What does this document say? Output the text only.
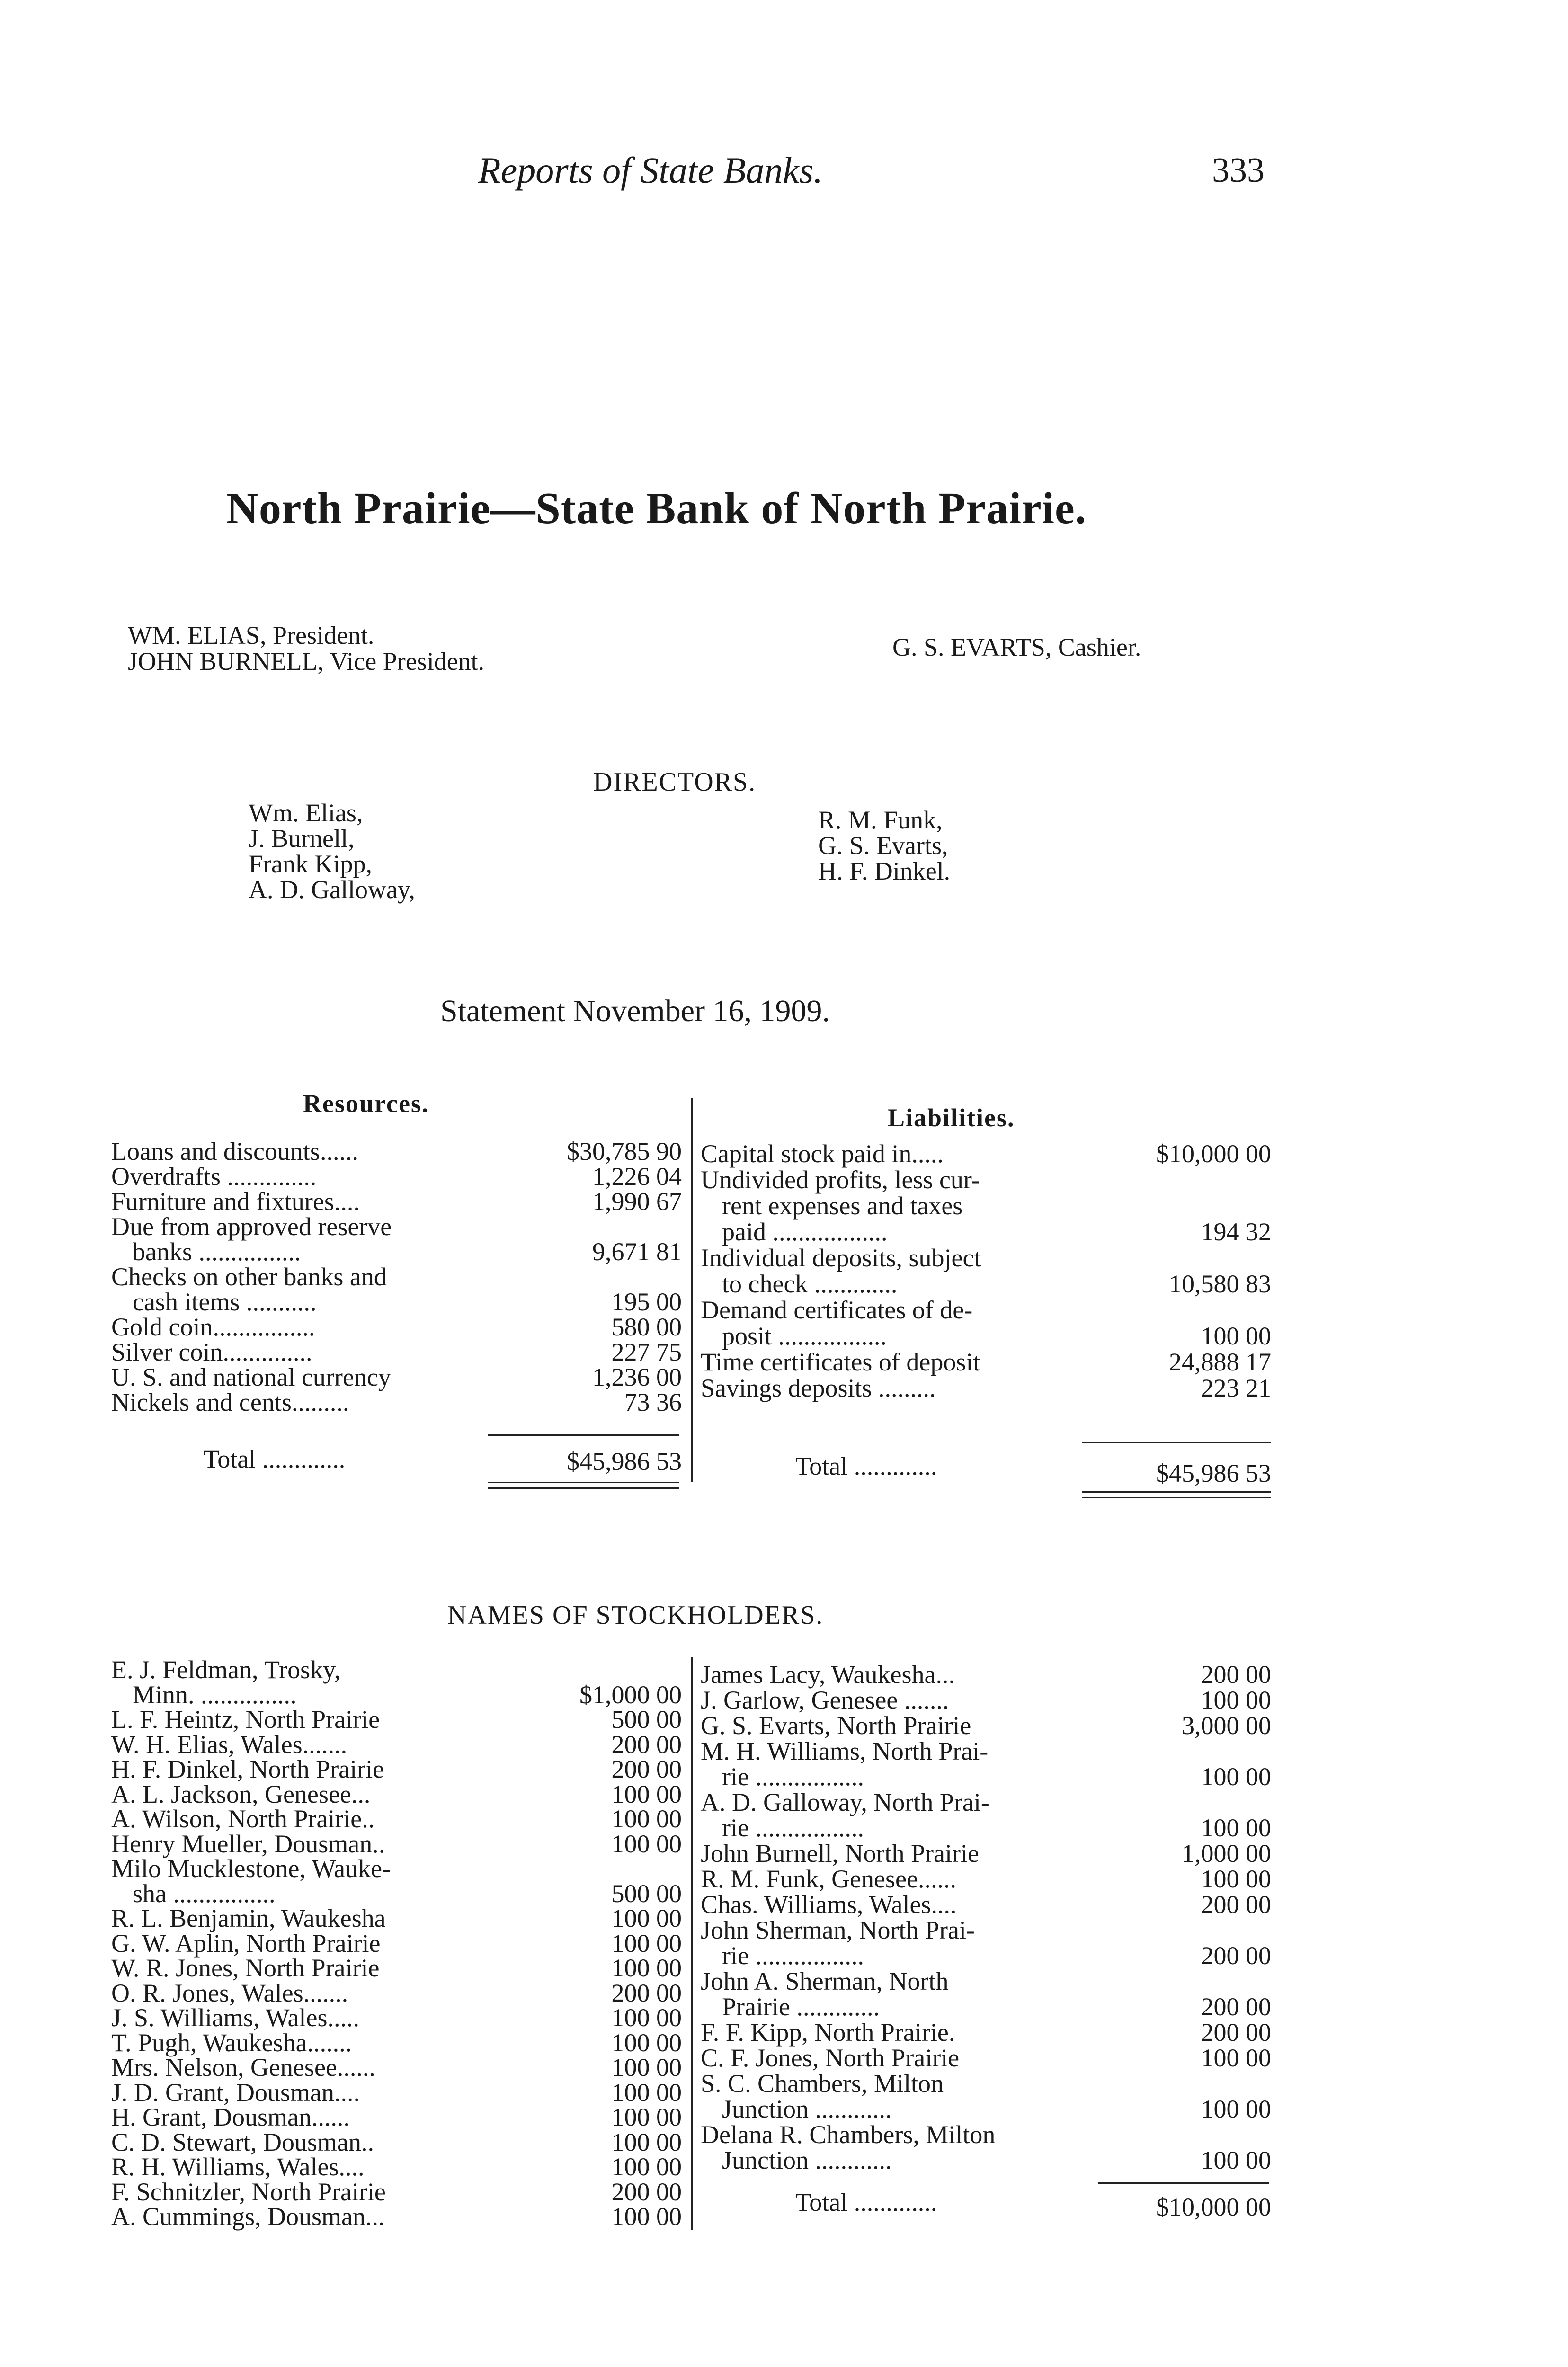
Reports of State Banks.	333
North Prairie—State Bank of North Prairie.
WM. ELIAS, President.
JOHN BURNELL, Vice President.	G. S. EVARTS, Cashier.
DIRECTORS.
Wm. Elias,
J. Burnell,
Frank Kipp,
A. D. Galloway,
R. M. Funk,
G. S. Evarts,
H. F. Dinkel.
Statement November 16, 1909.
Resources.	Liabilities.
Loans and discounts......	$30,785 90
Overdrafts ..............	1,226 04
Furniture and fixtures....	1,990 67
Due from approved reserve
banks ................	9,671 81
Checks on other banks and
cash items ...........	195 00
Gold coin................	580 00
Silver coin..............	227 75
U. S. and national currency	1,236 00
Nickels and cents.........	73 36
Capital stock paid in.....	$10,000 00
Undivided profits, less cur-
rent expenses and taxes
paid ..................	194 32
Individual deposits, subject
to check .............	10,580 83
Demand certificates of de-
posit .................	100 00
Time certificates of deposit	24,888 17
Savings deposits .........	223 21
Total .............	$45,986 53	Total .............	$45,986 53
NAMES OF STOCKHOLDERS.
E. J. Feldman, Trosky,
Minn. ...............	$1,000 00
L. F. Heintz, North Prairie	500 00
W. H. Elias, Wales.......	200 00
H. F. Dinkel, North Prairie	200 00
A. L. Jackson, Genesee...	100 00
A. Wilson, North Prairie..	100 00
Henry Mueller, Dousman..	100 00
Milo Mucklestone, Wauke-
sha ................	500 00
R. L. Benjamin, Waukesha	100 00
G. W. Aplin, North Prairie	100 00
W. R. Jones, North Prairie	100 00
O. R. Jones, Wales.......	200 00
J. S. Williams, Wales.....	100 00
T. Pugh, Waukesha.......	100 00
Mrs. Nelson, Genesee......	100 00
J. D. Grant, Dousman....	100 00
H. Grant, Dousman......	100 00
C. D. Stewart, Dousman..	100 00
R. H. Williams, Wales....	100 00
F. Schnitzler, North Prairie	200 00
A. Cummings, Dousman...	100 00
James Lacy, Waukesha...	200 00
J. Garlow, Genesee .......	100 00
G. S. Evarts, North Prairie	3,000 00
M. H. Williams, North Prai-
rie .................	100 00
A. D. Galloway, North Prai-
rie .................	100 00
John Burnell, North Prairie	1,000 00
R. M. Funk, Genesee......	100 00
Chas. Williams, Wales....	200 00
John Sherman, North Prai-
rie .................	200 00
John A. Sherman, North
Prairie .............	200 00
F. F. Kipp, North Prairie.	200 00
C. F. Jones, North Prairie	100 00
S. C. Chambers, Milton
Junction ............	100 00
Delana R. Chambers, Milton
Junction ............	100 00
Total .............	$10,000 00
